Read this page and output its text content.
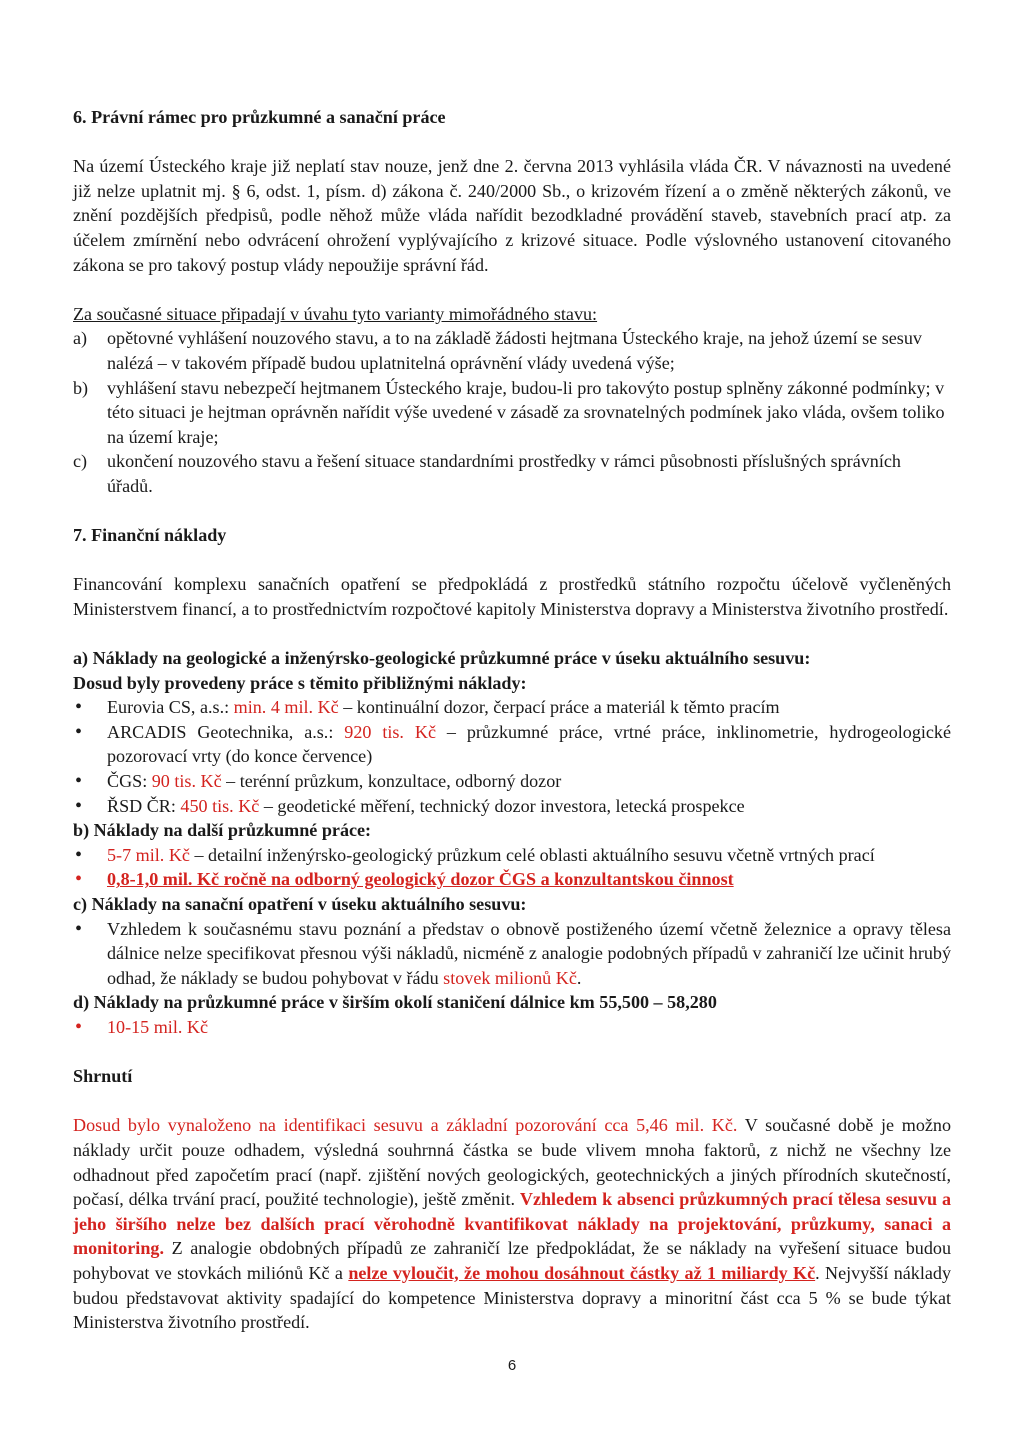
6. Právní rámec pro průzkumné a sanační práce

Na území Ústeckého kraje již neplatí stav nouze, jenž dne 2. června 2013 vyhlásila vláda ČR. V návaznosti na uvedené již nelze uplatnit mj. § 6, odst. 1, písm. d) zákona č. 240/2000 Sb., o krizovém řízení a o změně některých zákonů, ve znění pozdějších předpisů, podle něhož může vláda nařídit bezodkladné provádění staveb, stavebních prací atp. za účelem zmírnění nebo odvrácení ohrožení vyplývajícího z krizové situace. Podle výslovného ustanovení citovaného zákona se pro takový postup vlády nepoužije správní řád.

Za současné situace připadají v úvahu tyto varianty mimořádného stavu:

a) opětovné vyhlášení nouzového stavu, a to na základě žádosti hejtmana Ústeckého kraje, na jehož území se sesuv nalézá – v takovém případě budou uplatnitelná oprávnění vlády uvedená výše;
b) vyhlášení stavu nebezpečí hejtmanem Ústeckého kraje, budou-li pro takovýto postup splněny zákonné podmínky; v této situaci je hejtman oprávněn nařídit výše uvedené v zásadě za srovnatelných podmínek jako vláda, ovšem toliko na území kraje;
c) ukončení nouzového stavu a řešení situace standardními prostředky v rámci působnosti příslušných správních úřadů.
7. Finanční náklady

Financování komplexu sanačních opatření se předpokládá z prostředků státního rozpočtu účelově vyčleněných Ministerstvem financí, a to prostřednictvím rozpočtové kapitoly Ministerstva dopravy a Ministerstva životního prostředí.

a) Náklady na geologické a inženýrsko-geologické průzkumné práce v úseku aktuálního sesuvu:

Dosud byly provedeny práce s těmito přibližnými náklady:

• Eurovia CS, a.s.: min. 4 mil. Kč – kontinuální dozor, čerpací práce a materiál k těmto pracím
• ARCADIS Geotechnika, a.s.: 920 tis. Kč – průzkumné práce, vrtné práce, inklinometrie, hydrogeologické pozorovací vrty (do konce července)
• ČGS: 90 tis. Kč – terénní průzkum, konzultace, odborný dozor
• ŘSD ČR: 450 tis. Kč – geodetické měření, technický dozor investora, letecká prospekce

b) Náklady na další průzkumné práce:

• 5-7 mil. Kč – detailní inženýrsko-geologický průzkum celé oblasti aktuálního sesuvu včetně vrtných prací
• 0,8-1,0 mil. Kč ročně na odborný geologický dozor ČGS a konzultantskou činnost

c) Náklady na sanační opatření v úseku aktuálního sesuvu:

• Vzhledem k současnému stavu poznání a představ o obnově postiženého území včetně železnice a opravy tělesa dálnice nelze specifikovat přesnou výši nákladů, nicméně z analogie podobných případů v zahraničí lze učinit hrubý odhad, že náklady se budou pohybovat v řádu stovek milionů Kč.

d) Náklady na průzkumné práce v širším okolí staničení dálnice km 55,500 – 58,280

• 10-15 mil. Kč
Shrnutí

Dosud bylo vynaloženo na identifikaci sesuvu a základní pozorování cca 5,46 mil. Kč. V současné době je možno náklady určit pouze odhadem, výsledná souhrnná částka se bude vlivem mnoha faktorů, z nichž ne všechny lze odhadnout před započetím prací (např. zjištění nových geologických, geotechnických a jiných přírodních skutečností, počasí, délka trvání prací, použité technologie), ještě změnit. Vzhledem k absenci průzkumných prací tělesa sesuvu a jeho širšího nelze bez dalších prací věrohodně kvantifikovat náklady na projektování, průzkumy, sanaci a monitoring. Z analogie obdobných případů ze zahraničí lze předpokládat, že se náklady na vyřešení situace budou pohybovat ve stovkách miliónů Kč a nelze vyloučit, že mohou dosáhnout částky až 1 miliardy Kč. Nejvyšší náklady budou představovat aktivity spadající do kompetence Ministerstva dopravy a minoritní část cca 5 % se bude týkat Ministerstva životního prostředí.

6
